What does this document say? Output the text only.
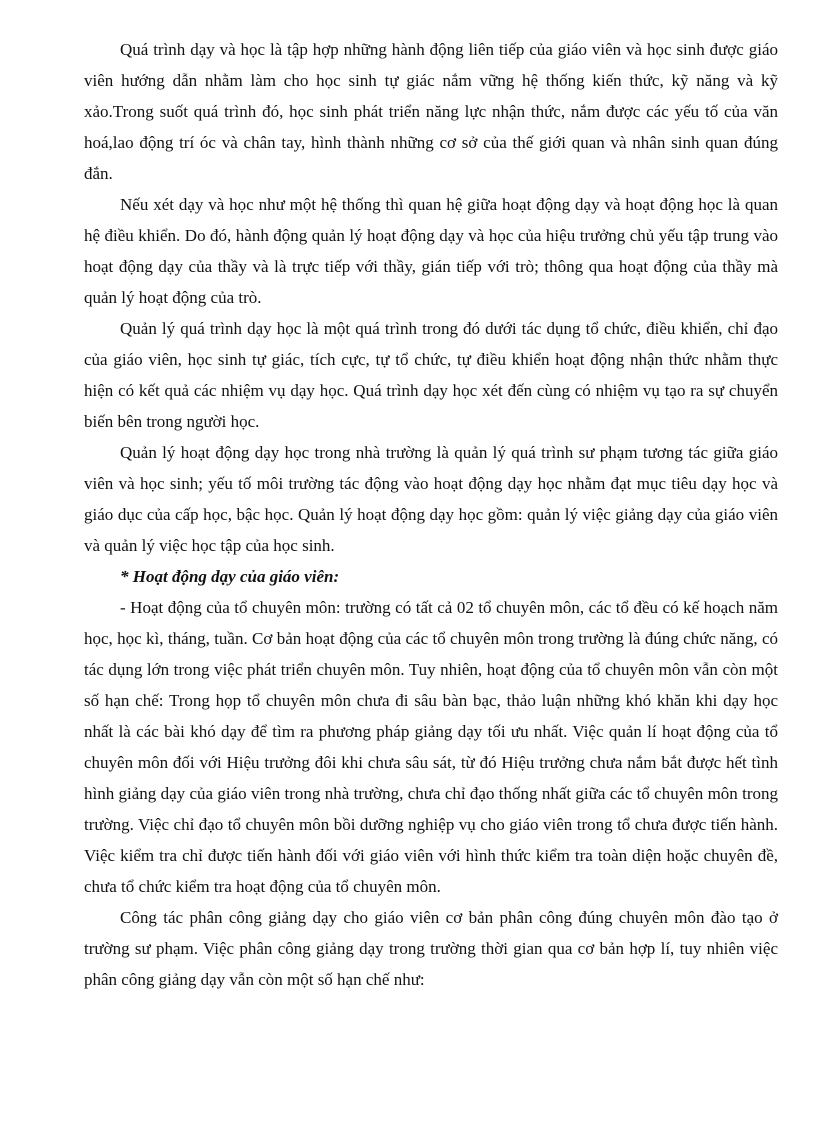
Quá trình dạy và học là tập hợp những hành động liên tiếp của giáo viên và học sinh được giáo viên hướng dẫn nhằm làm cho học sinh tự giác nắm vững hệ thống kiến thức, kỹ năng và kỹ xảo.Trong suốt quá trình đó, học sinh phát triển năng lực nhận thức, nắm được các yếu tố của văn hoá,lao động trí óc và chân tay, hình thành những cơ sở của thế giới quan và nhân sinh quan đúng đắn.

Nếu xét dạy và học như một hệ thống thì quan hệ giữa hoạt động dạy và hoạt động học là quan hệ điều khiển. Do đó, hành động quản lý hoạt động dạy và học của hiệu trưởng chủ yếu tập trung vào hoạt động dạy của thầy và là trực tiếp với thầy, gián tiếp với trò; thông qua hoạt động của thầy mà quản lý hoạt động của trò.

Quản lý quá trình dạy học là một quá trình trong đó dưới tác dụng tổ chức, điều khiển, chỉ đạo của giáo viên, học sinh tự giác, tích cực, tự tổ chức, tự điều khiển hoạt động nhận thức nhằm thực hiện có kết quả các nhiệm vụ dạy học. Quá trình dạy học xét đến cùng có nhiệm vụ tạo ra sự chuyển biến bên trong người học.

Quản lý hoạt động dạy học trong nhà trường là quản lý quá trình sư phạm tương tác giữa giáo viên và học sinh; yếu tố môi trường tác động vào hoạt động dạy học nhằm đạt mục tiêu dạy học và giáo dục của cấp học, bậc học. Quản lý hoạt động dạy học gồm: quản lý việc giảng dạy của giáo viên và quản lý việc học tập của học sinh.

* Hoạt động dạy của giáo viên:

- Hoạt động của tổ chuyên môn: trường có tất cả 02 tổ chuyên môn, các tổ đều có kế hoạch năm học, học kì, tháng, tuần. Cơ bản hoạt động của các tổ chuyên môn trong trường là đúng chức năng, có tác dụng lớn trong việc phát triển chuyên môn. Tuy nhiên, hoạt động của tổ chuyên môn vẫn còn một số hạn chế: Trong họp tổ chuyên môn chưa đi sâu bàn bạc, thảo luận những khó khăn khi dạy học nhất là các bài khó dạy để tìm ra phương pháp giảng dạy tối ưu nhất. Việc quản lí hoạt động của tổ chuyên môn đối với Hiệu trưởng đôi khi chưa sâu sát, từ đó Hiệu trưởng chưa nắm bắt được hết tình hình giảng dạy của giáo viên trong nhà trường, chưa chỉ đạo thống nhất giữa các tổ chuyên môn trong trường. Việc chỉ đạo tổ chuyên môn bồi dưỡng nghiệp vụ cho giáo viên trong tổ chưa được tiến hành. Việc kiểm tra chỉ được tiến hành đối với giáo viên với hình thức kiểm tra toàn diện hoặc chuyên đề, chưa tổ chức kiểm tra hoạt động của tổ chuyên môn.

Công tác phân công giảng dạy cho giáo viên cơ bản phân công đúng chuyên môn đào tạo ở trường sư phạm. Việc phân công giảng dạy trong trường thời gian qua cơ bản hợp lí, tuy nhiên việc phân công giảng dạy vẫn còn một số hạn chế như:
